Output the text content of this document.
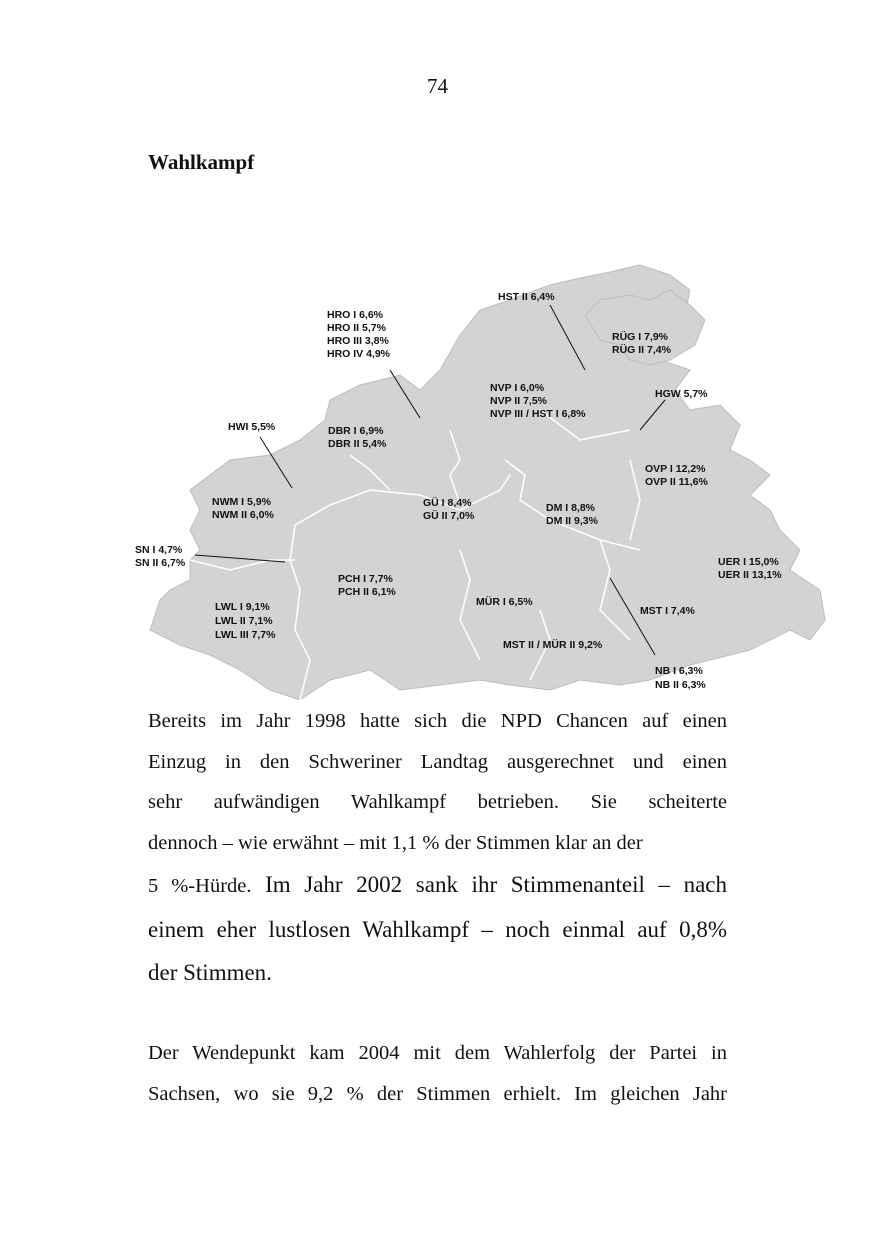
74
Wahlkampf
HST II 6,4%
HRO I 6,6%
HRO II 5,7%
HRO III 3,8%
HRO IV 4,9%
RÜG I 7,9%
RÜG II 7,4%
NVP I 6,0%
NVP II 7,5%
NVP III / HST I 6,8%
HGW 5,7%
HWI 5,5%	DBR I 6,9%
DBR II 5,4%
OVP I 12,2%
OVP II 11,6%
NWM I 5,9%
NWM II 6,0%
GÜ I 8,4%
GÜ II 7,0%
DM I 8,8%
DM II 9,3%
SN I 4,7%
SN II 6,7%	UER I 15,0%
UER II 13,1%
PCH I 7,7%
PCH II 6,1%
MÜR I 6,5%
MST I 7,4%
LWL I 9,1%
LWL II 7,1%
LWL III 7,7%
MST II / MÜR II 9,2%
NB I 6,3%
NB II 6,3%
Bereits im Jahr 1998 hatte sich die NPD Chancen auf einen
Einzug in den Schweriner Landtag ausgerechnet und einen
sehr aufwändigen Wahlkampf betrieben. Sie scheiterte
dennoch – wie erwähnt – mit 1,1 % der Stimmen klar an der
5 %-Hürde. Im Jahr 2002 sank ihr Stimmenanteil – nach
einem eher lustlosen Wahlkampf – noch einmal auf 0,8%
der Stimmen.
Der Wendepunkt kam 2004 mit dem Wahlerfolg der Partei in
Sachsen, wo sie 9,2 % der Stimmen erhielt. Im gleichen Jahr
